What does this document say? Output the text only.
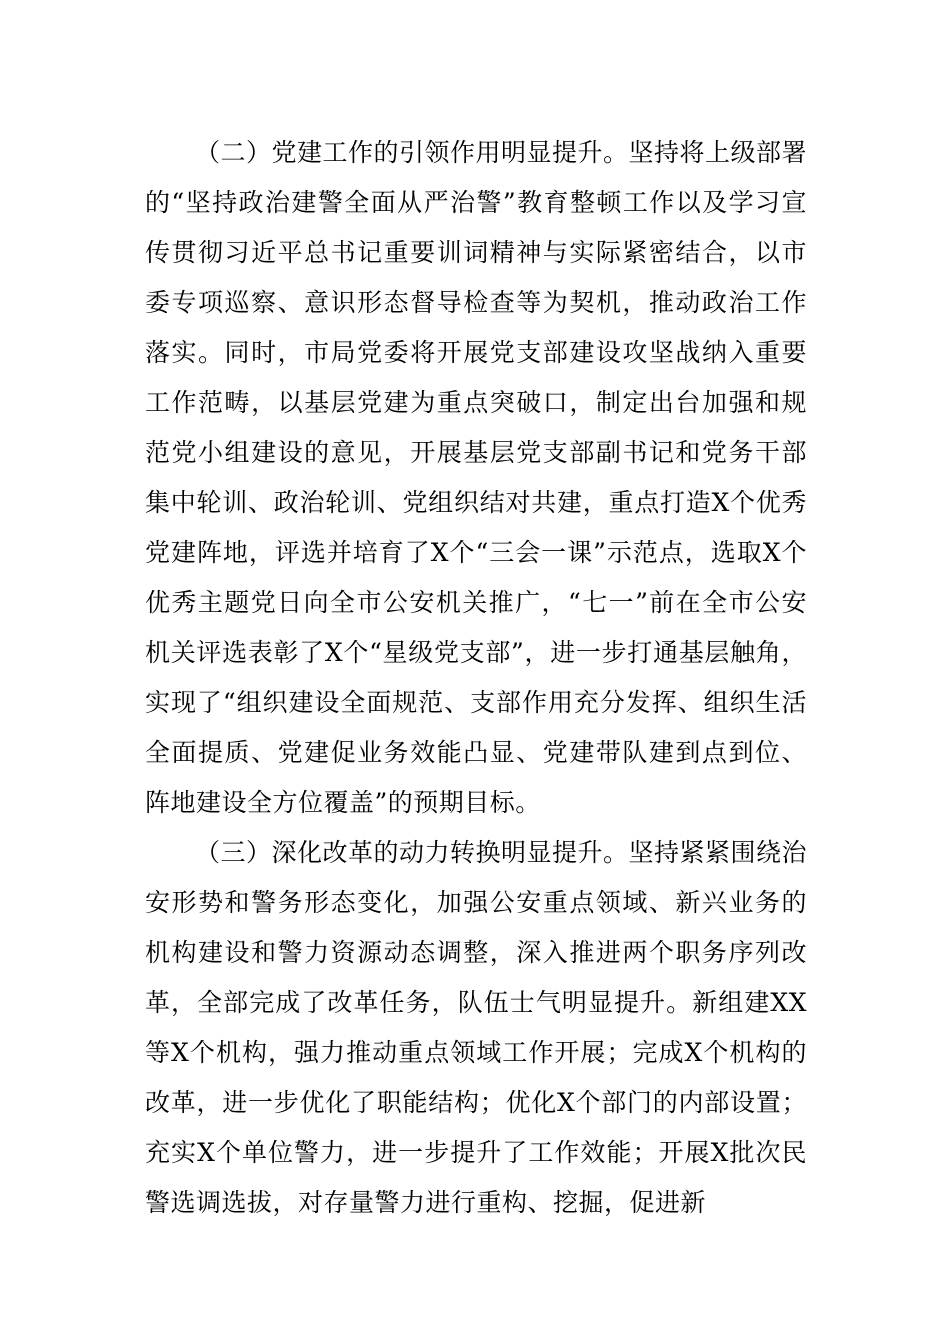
（二）党建工作的引领作用明显提升。坚持将上级部署的“坚持政治建警全面从严治警”教育整顿工作以及学习宣传贯彻习近平总书记重要训词精神与实际紧密结合，以市委专项巡察、意识形态督导检查等为契机，推动政治工作落实。同时，市局党委将开展党支部建设攻坚战纳入重要工作范畴，以基层党建为重点突破口，制定出台加强和规范党小组建设的意见，开展基层党支部副书记和党务干部集中轮训、政治轮训、党组织结对共建，重点打造X个优秀党建阵地，评选并培育了X个“三会一课”示范点，选取X个优秀主题党日向全市公安机关推广，“七一”前在全市公安机关评选表彰了X个“星级党支部”，进一步打通基层触角，实现了“组织建设全面规范、支部作用充分发挥、组织生活全面提质、党建促业务效能凸显、党建带队建到点到位、阵地建设全方位覆盖”的预期目标。

（三）深化改革的动力转换明显提升。坚持紧紧围绕治安形势和警务形态变化，加强公安重点领域、新兴业务的机构建设和警力资源动态调整，深入推进两个职务序列改革，全部完成了改革任务，队伍士气明显提升。新组建XX等X个机构，强力推动重点领域工作开展；完成X个机构的改革，进一步优化了职能结构；优化X个部门的内部设置；充实X个单位警力，进一步提升了工作效能；开展X批次民警选调选拔，对存量警力进行重构、挖掘，促进新
